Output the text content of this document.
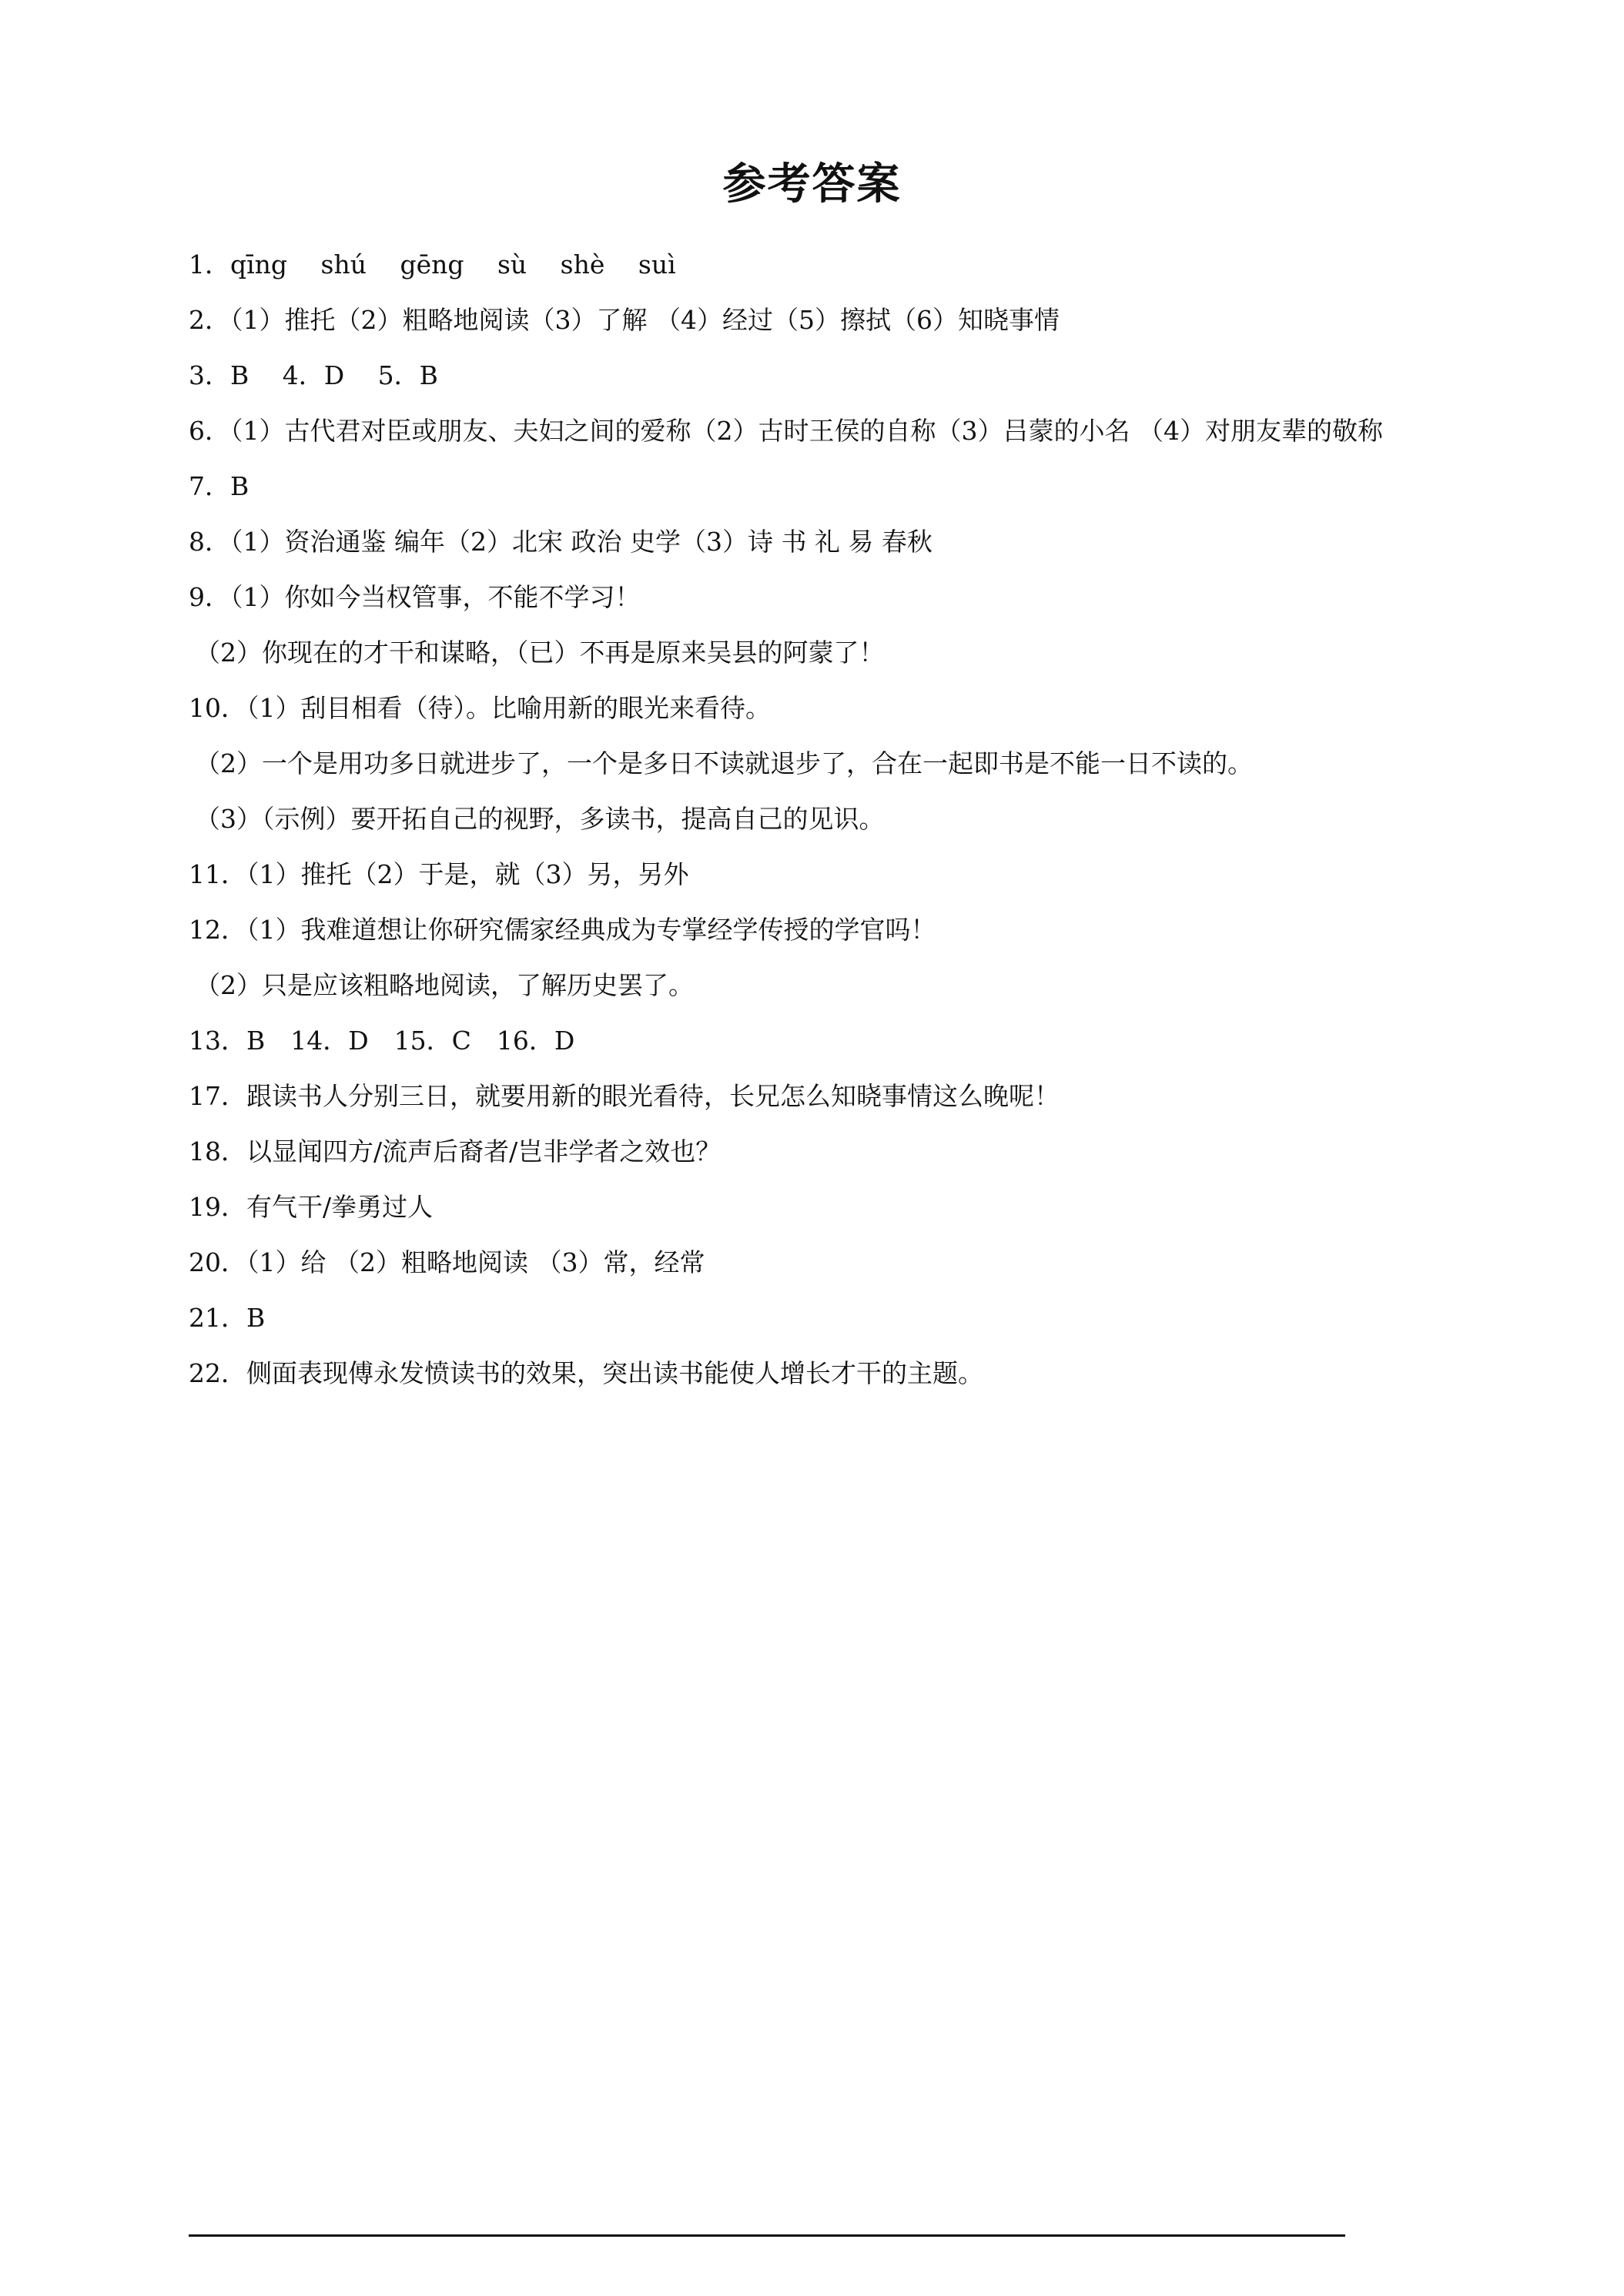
参考答案
1．qīng　 shú　 gēng　 sù　 shè　 suì
2．（1）推托（2）粗略地阅读（3）了解 （4）经过（5）擦拭（6）知晓事情
3．B　 4．D　 5．B
6．（1）古代君对臣或朋友、夫妇之间的爱称（2）古时王侯的自称（3）吕蒙的小名 （4）对朋友辈的敬称
7．B
8．（1）资治通鉴 编年（2）北宋 政治 史学（3）诗 书 礼 易 春秋
9．（1）你如今当权管事，不能不学习！
（2）你现在的才干和谋略，（已）不再是原来吴县的阿蒙了！
10．（1）刮目相看（待）。比喻用新的眼光来看待。
（2）一个是用功多日就进步了，一个是多日不读就退步了，合在一起即书是不能一日不读的。
（3）（示例）要开拓自己的视野，多读书，提高自己的见识。
11．（1）推托（2）于是，就（3）另，另外
12．（1）我难道想让你研究儒家经典成为专掌经学传授的学官吗！
（2）只是应该粗略地阅读，了解历史罢了。
13．B　14．D　15．C　16．D
17．跟读书人分别三日，就要用新的眼光看待，长兄怎么知晓事情这么晚呢！
18．以显闻四方/流声后裔者/岂非学者之效也？
19．有气干/拳勇过人
20．（1）给 （2）粗略地阅读 （3）常，经常
21．B
22．侧面表现傅永发愤读书的效果，突出读书能使人增长才干的主题。
